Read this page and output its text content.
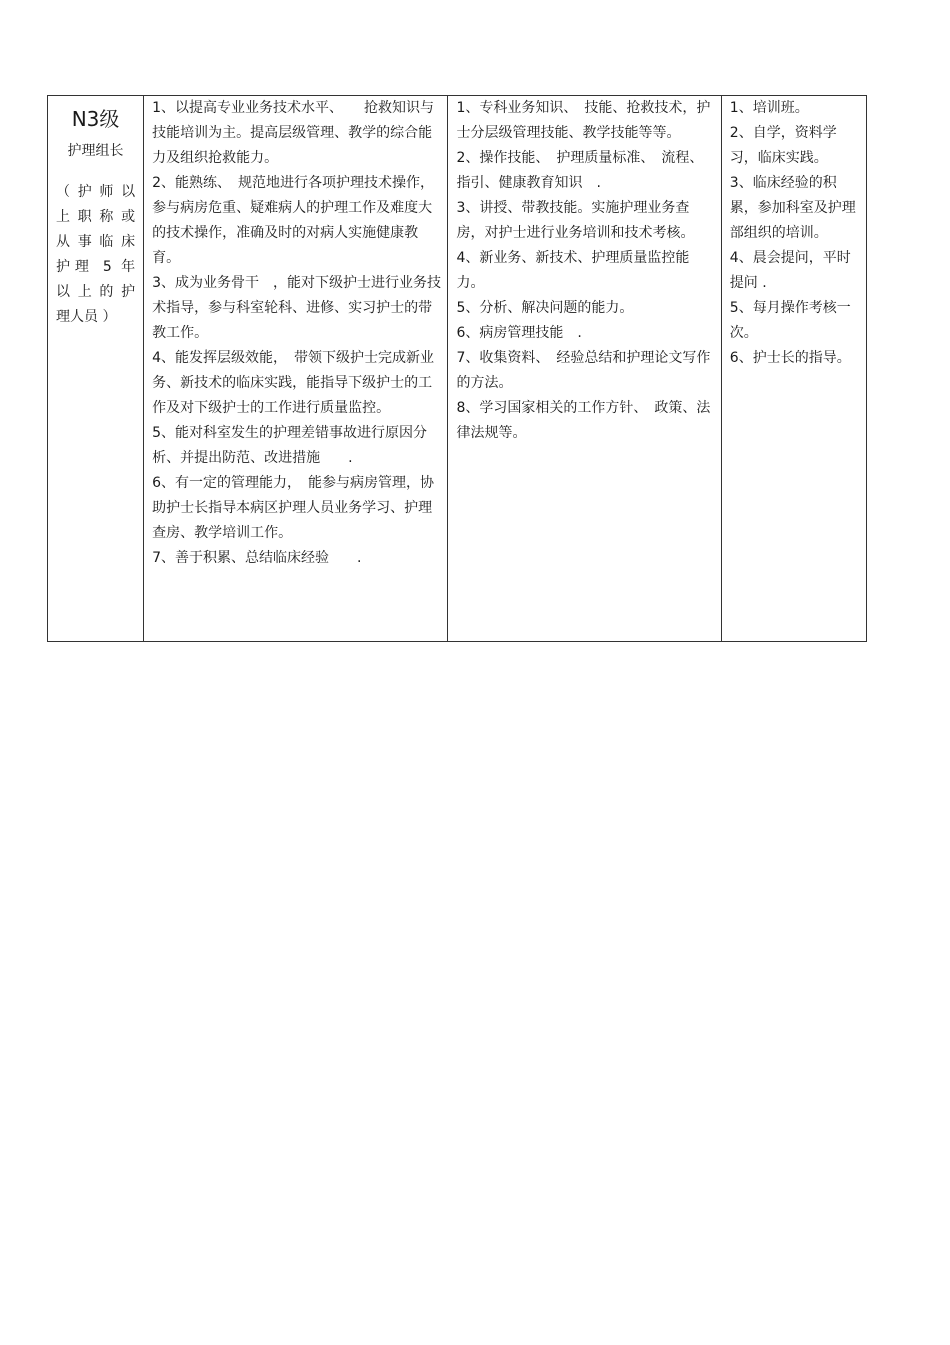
N3级
护理组长
（ 护 师 以
上 职 称 或
从 事 临 床
护理 5 年
以 上 的 护
理人员 ）

1、以提高专业业务技术水平、　　抢救知识与技能培训为主。提高层级管理、教学的综合能力及组织抢救能力。
2、能熟练、　规范地进行各项护理技术操作，参与病房危重、疑难病人的护理工作及难度大的技术操作，准确及时的对病人实施健康教育。
3、成为业务骨干　，能对下级护士进行业务技术指导，参与科室轮科、进修、实习护士的带教工作。
4、能发挥层级效能，　带领下级护士完成新业务、新技术的临床实践，能指导下级护士的工作及对下级护士的工作进行质量监控。
5、能对科室发生的护理差错事故进行原因分析、并提出防范、改进措施　　.
6、有一定的管理能力，　能参与病房管理，协助护士长指导本病区护理人员业务学习、护理查房、教学培训工作。
7、善于积累、总结临床经验　　.

1、专科业务知识、　技能、抢救技术，护士分层级管理技能、教学技能等等。
2、操作技能、　护理质量标准、　流程、指引、健康教育知识　.
3、讲授、带教技能。实施护理业务查房，对护士进行业务培训和技术考核。
4、新业务、新技术、护理质量监控能力。
5、分析、解决问题的能力。
6、病房管理技能　.
7、收集资料、　经验总结和护理论文写作的方法。
8、学习国家相关的工作方针、　政策、法律法规等。

1、培训班。
2、自学，资料学习，临床实践。
3、临床经验的积累，参加科室及护理部组织的培训。
4、晨会提问，平时提问 .
5、每月操作考核一次。
6、护士长的指导。
